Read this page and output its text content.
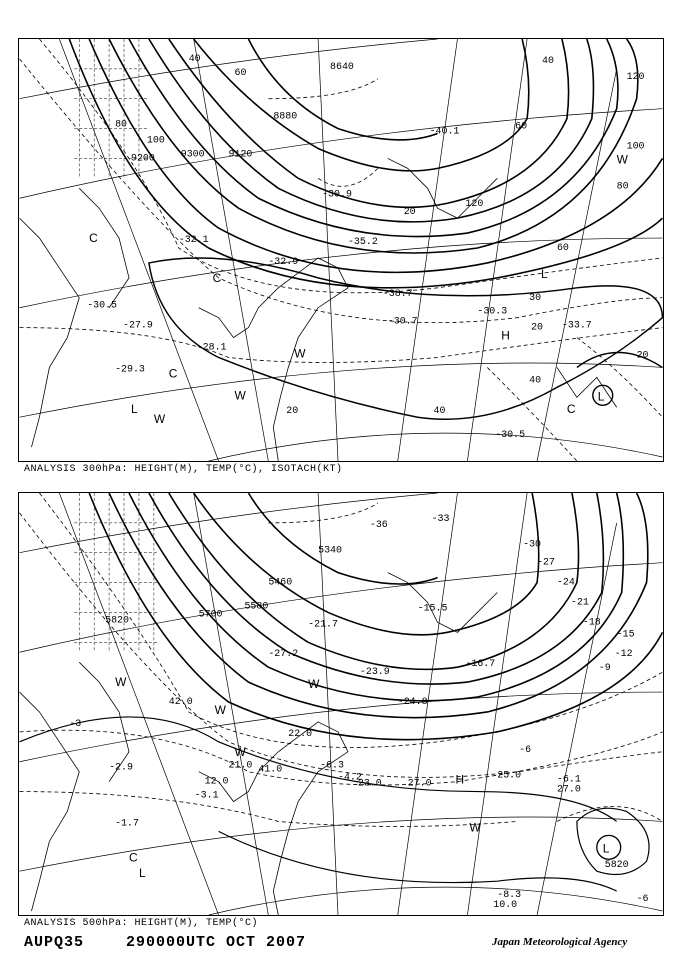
8640
8880
9120
9300
9200
40
60
80
100
120
40
60
80
100
120
20
30
40
60
20
40
20
20
-30.5
-27.9	-30.7
-29.3
-38.7
-28.1
-30.5
-30.3
-33.7
-40.1
-30.9
-32.9
-32.1	-35.2
W
W
W
C
C
C
H
L
L
W
C
L
ANALYSIS 300hPa: HEIGHT(M), TEMP(°C), ISOTACH(KT)
5460
5580
5700
5820
5820
5340
-3
-6
-9
-12
-15
-18
-21
-24
-27
-30
-33
-36
-6
-8.3
-4.2	-6.1
-6.3
-2.9
-1.7
-3.1
-21.7
-15.5
-23.9
-27.2
-16.7
-24.8
10.0
12.0
27.0
25.0
21.0
27.0
23.0
41.0
42.0
22.0
W
W
W
W
W
C
L
H
L
ANALYSIS 500hPa: HEIGHT(M), TEMP(°C)
AUPQ35	290000UTC OCT 2007	Japan Meteorological Agency
